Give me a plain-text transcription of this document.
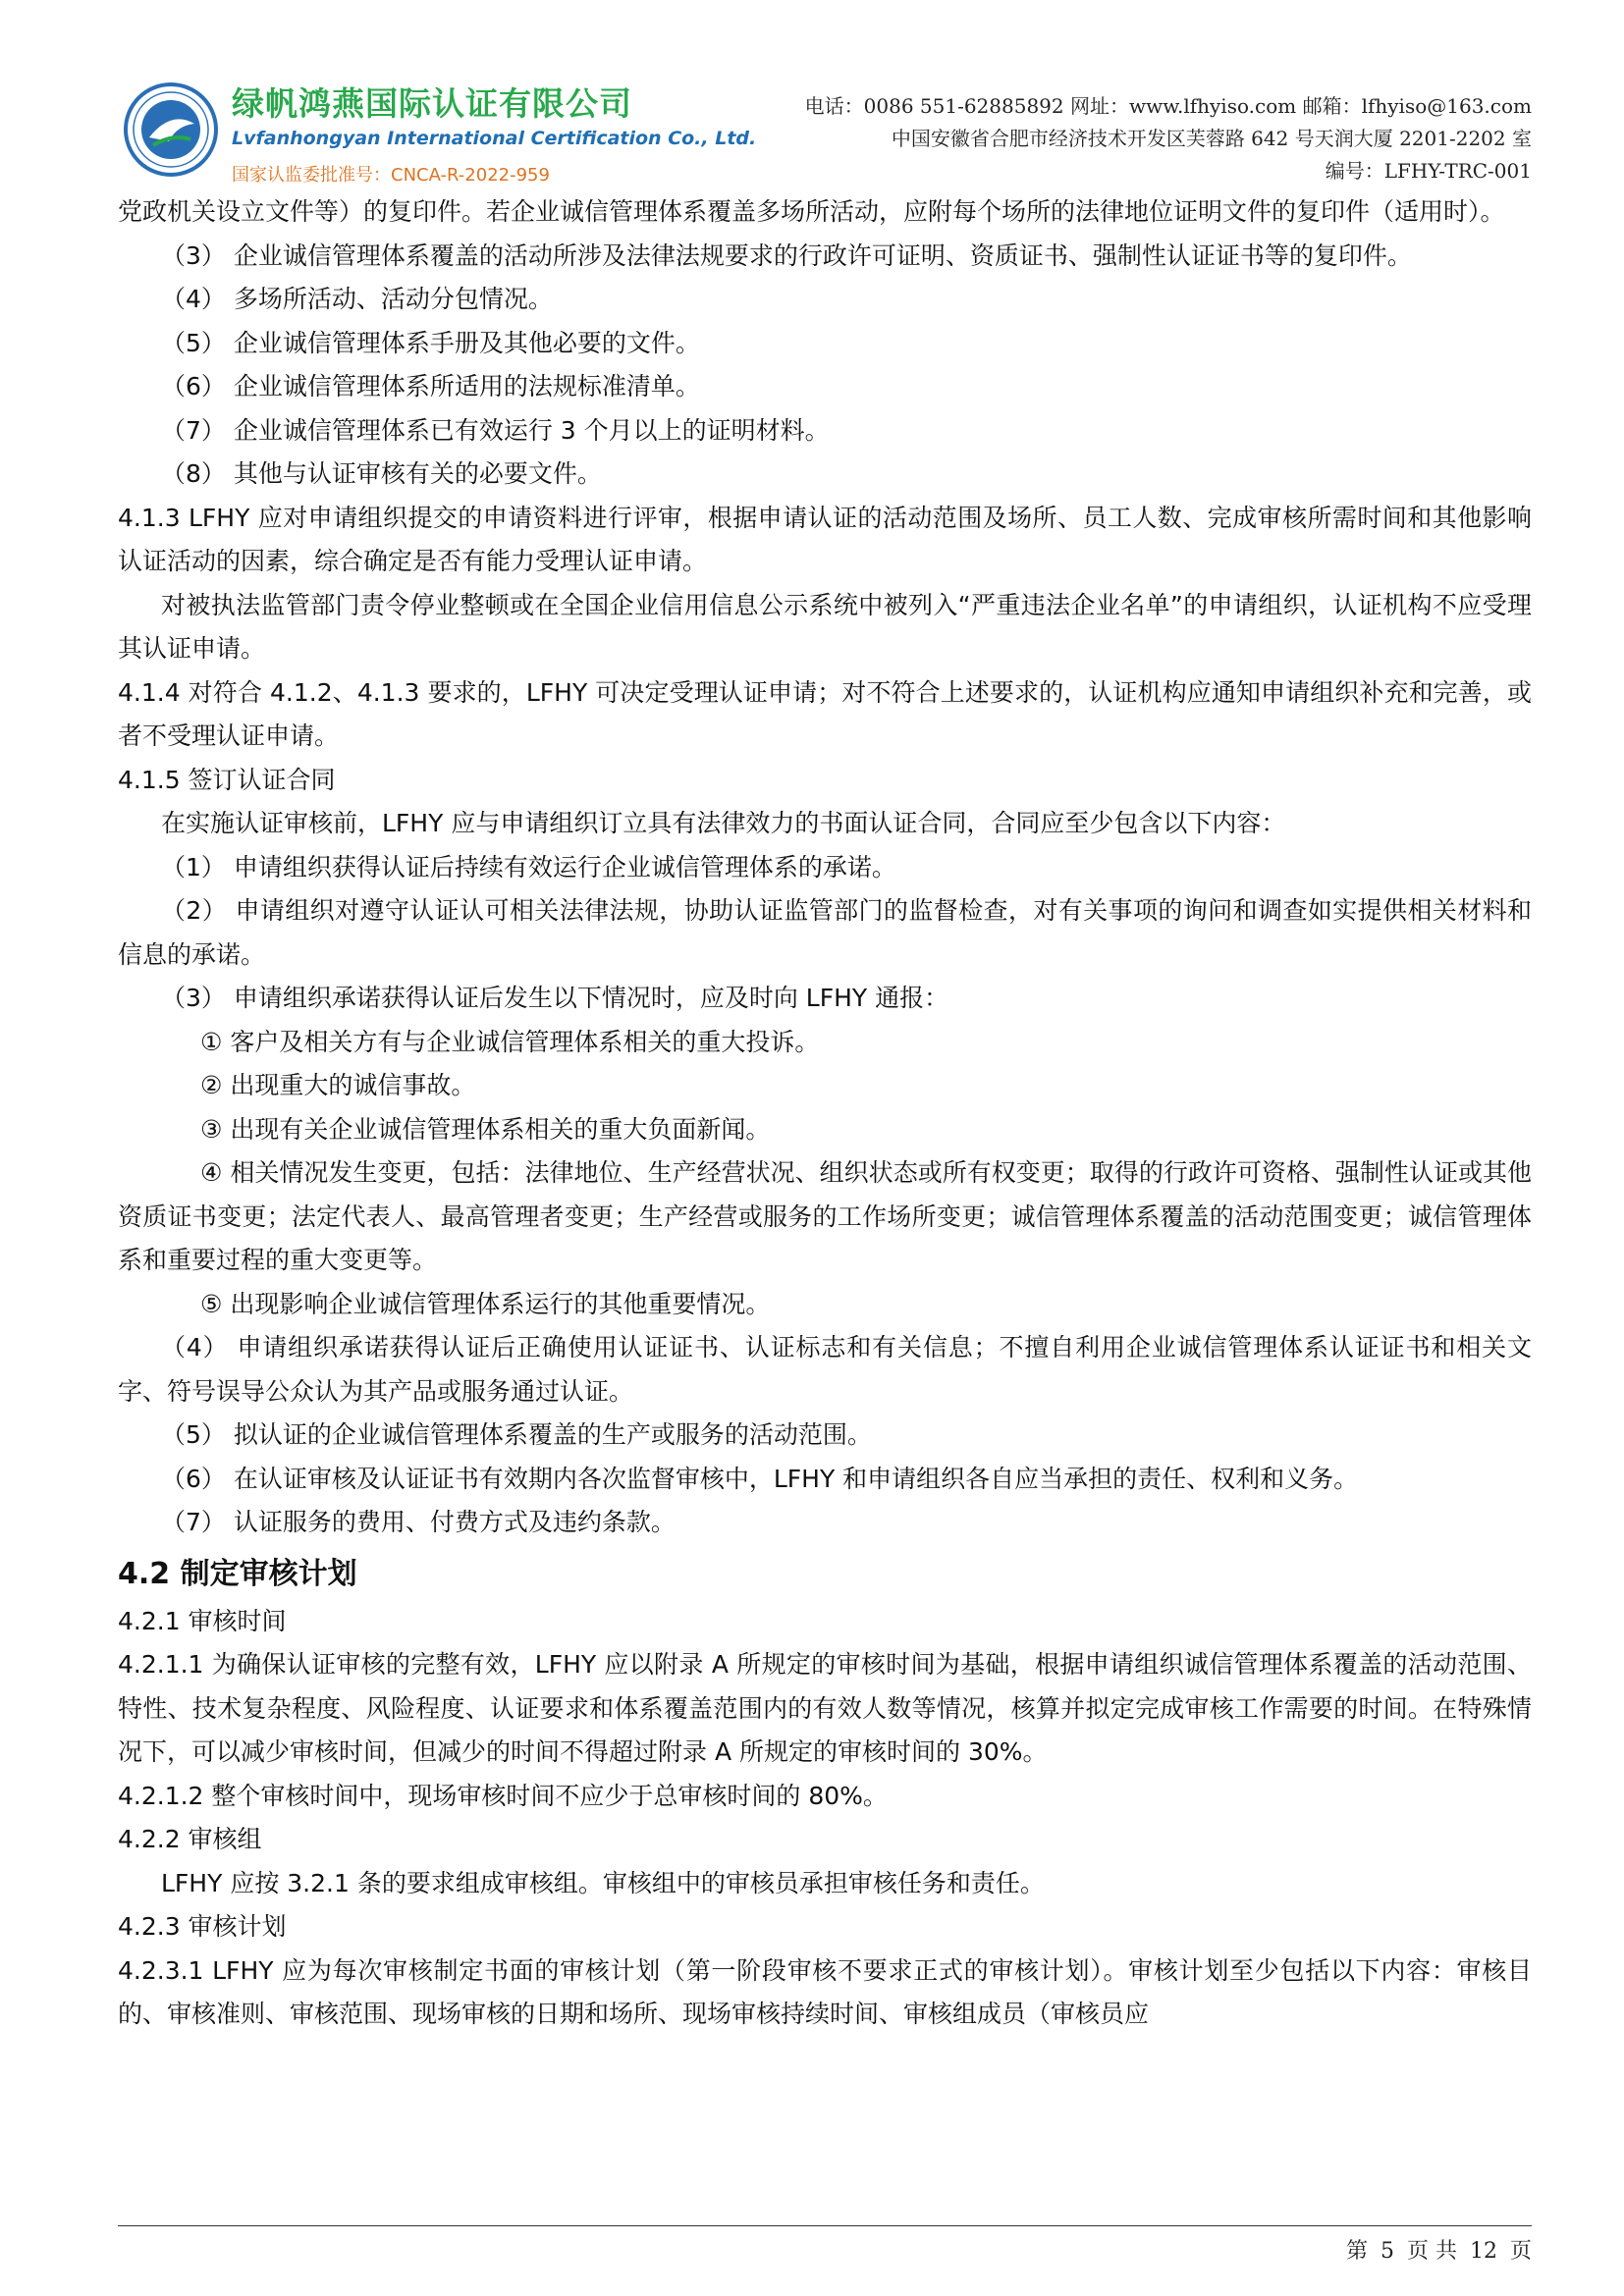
绿帆鸿燕国际认证有限公司
Lvfanhongyan International Certification Co., Ltd.
国家认监委批准号：CNCA-R-2022-959
电话：0086 551-62885892 网址：www.lfhyiso.com 邮箱：lfhyiso@163.com
中国安徽省合肥市经济技术开发区芙蓉路 642 号天润大厦 2201-2202 室
编号：LFHY-TRC-001

党政机关设立文件等）的复印件。若企业诚信管理体系覆盖多场所活动，应附每个场所的法律地位证明文件的复印件（适用时）。

（3） 企业诚信管理体系覆盖的活动所涉及法律法规要求的行政许可证明、资质证书、强制性认证证书等的复印件。

（4） 多场所活动、活动分包情况。

（5） 企业诚信管理体系手册及其他必要的文件。

（6） 企业诚信管理体系所适用的法规标准清单。

（7） 企业诚信管理体系已有效运行 3 个月以上的证明材料。

（8） 其他与认证审核有关的必要文件。

4.1.3 LFHY 应对申请组织提交的申请资料进行评审，根据申请认证的活动范围及场所、员工人数、完成审核所需时间和其他影响认证活动的因素，综合确定是否有能力受理认证申请。

对被执法监管部门责令停业整顿或在全国企业信用信息公示系统中被列入“严重违法企业名单”的申请组织，认证机构不应受理其认证申请。

4.1.4 对符合 4.1.2、4.1.3 要求的，LFHY 可决定受理认证申请；对不符合上述要求的，认证机构应通知申请组织补充和完善，或者不受理认证申请。

4.1.5 签订认证合同

在实施认证审核前，LFHY 应与申请组织订立具有法律效力的书面认证合同，合同应至少包含以下内容：

（1） 申请组织获得认证后持续有效运行企业诚信管理体系的承诺。

（2） 申请组织对遵守认证认可相关法律法规，协助认证监管部门的监督检查，对有关事项的询问和调查如实提供相关材料和信息的承诺。

（3） 申请组织承诺获得认证后发生以下情况时，应及时向 LFHY 通报：

① 客户及相关方有与企业诚信管理体系相关的重大投诉。

② 出现重大的诚信事故。

③ 出现有关企业诚信管理体系相关的重大负面新闻。

④ 相关情况发生变更，包括：法律地位、生产经营状况、组织状态或所有权变更；取得的行政许可资格、强制性认证或其他资质证书变更；法定代表人、最高管理者变更；生产经营或服务的工作场所变更；诚信管理体系覆盖的活动范围变更；诚信管理体系和重要过程的重大变更等。

⑤ 出现影响企业诚信管理体系运行的其他重要情况。

（4） 申请组织承诺获得认证后正确使用认证证书、认证标志和有关信息；不擅自利用企业诚信管理体系认证证书和相关文字、符号误导公众认为其产品或服务通过认证。

（5） 拟认证的企业诚信管理体系覆盖的生产或服务的活动范围。

（6） 在认证审核及认证证书有效期内各次监督审核中，LFHY 和申请组织各自应当承担的责任、权利和义务。

（7） 认证服务的费用、付费方式及违约条款。

4.2 制定审核计划

4.2.1 审核时间

4.2.1.1 为确保认证审核的完整有效，LFHY 应以附录 A 所规定的审核时间为基础，根据申请组织诚信管理体系覆盖的活动范围、特性、技术复杂程度、风险程度、认证要求和体系覆盖范围内的有效人数等情况，核算并拟定完成审核工作需要的时间。在特殊情况下，可以减少审核时间，但减少的时间不得超过附录 A 所规定的审核时间的 30%。

4.2.1.2 整个审核时间中，现场审核时间不应少于总审核时间的 80%。

4.2.2 审核组

LFHY 应按 3.2.1 条的要求组成审核组。审核组中的审核员承担审核任务和责任。

4.2.3 审核计划

4.2.3.1 LFHY 应为每次审核制定书面的审核计划（第一阶段审核不要求正式的审核计划）。审核计划至少包括以下内容：审核目的、审核准则、审核范围、现场审核的日期和场所、现场审核持续时间、审核组成员（审核员应

第 5 页 共 12 页
